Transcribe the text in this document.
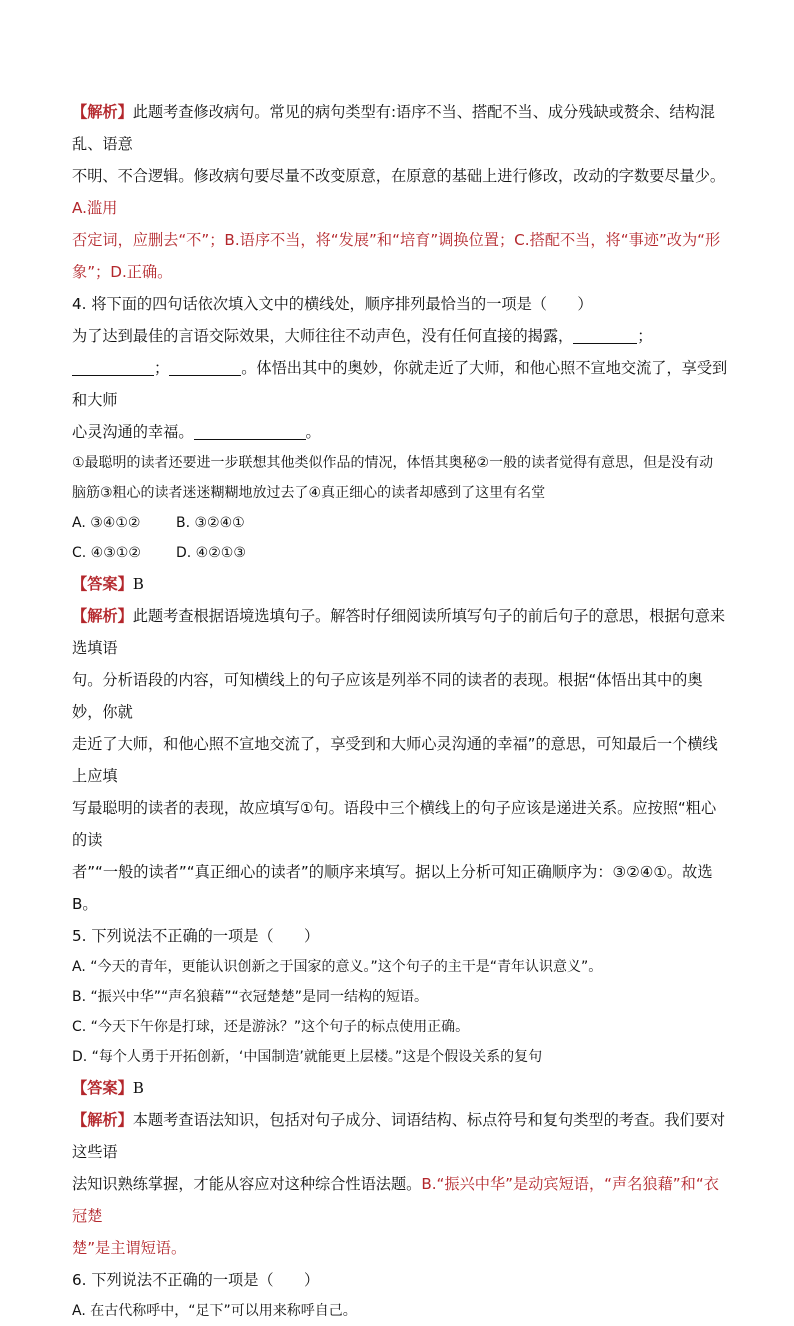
【解析】此题考查修改病句。常见的病句类型有:语序不当、搭配不当、成分残缺或赘余、结构混乱、语意

不明、不合逻辑。修改病句要尽量不改变原意，在原意的基础上进行修改，改动的字数要尽量少。A.滥用

否定词，应删去“不”；B.语序不当，将“发展”和“培育”调换位置；C.搭配不当，将“事迹”改为“形

象”；D.正确。

4. 将下面的四句话依次填入文中的横线处，顺序排列最恰当的一项是（　　）

为了达到最佳的言语交际效果，大师往往不动声色，没有任何直接的揭露，	；

；	。体悟出其中的奥妙，你就走近了大师，和他心照不宣地交流了，享受到和大师

心灵沟通的幸福。	。

①最聪明的读者还要进一步联想其他类似作品的情况，体悟其奥秘②一般的读者觉得有意思，但是没有动

脑筋③粗心的读者迷迷糊糊地放过去了④真正细心的读者却感到了这里有名堂

A. ③④①②	B. ③②④①

C. ④③①②	D. ④②①③

【答案】B

【解析】此题考查根据语境选填句子。解答时仔细阅读所填写句子的前后句子的意思，根据句意来选填语

句。分析语段的内容，可知横线上的句子应该是列举不同的读者的表现。根据“体悟出其中的奥妙，你就

走近了大师，和他心照不宣地交流了，享受到和大师心灵沟通的幸福”的意思，可知最后一个横线上应填

写最聪明的读者的表现，故应填写①句。语段中三个横线上的句子应该是递进关系。应按照“粗心的读

者”“一般的读者”“真正细心的读者”的顺序来填写。据以上分析可知正确顺序为：③②④①。故选B。

5. 下列说法不正确的一项是（　　）

A. “今天的青年，更能认识创新之于国家的意义。”这个句子的主干是“青年认识意义”。

B. “振兴中华”“声名狼藉”“衣冠楚楚”是同一结构的短语。

C. “今天下午你是打球，还是游泳？”这个句子的标点使用正确。

D. “每个人勇于开拓创新，‘中国制造’就能更上层楼。”这是个假设关系的复句

【答案】B

【解析】本题考查语法知识，包括对句子成分、词语结构、标点符号和复句类型的考查。我们要对这些语

法知识熟练掌握，才能从容应对这种综合性语法题。B.“振兴中华”是动宾短语，“声名狼藉”和“衣冠楚

楚”是主谓短语。

6. 下列说法不正确的一项是（　　）

A. 在古代称呼中，“足下”可以用来称呼自己。
